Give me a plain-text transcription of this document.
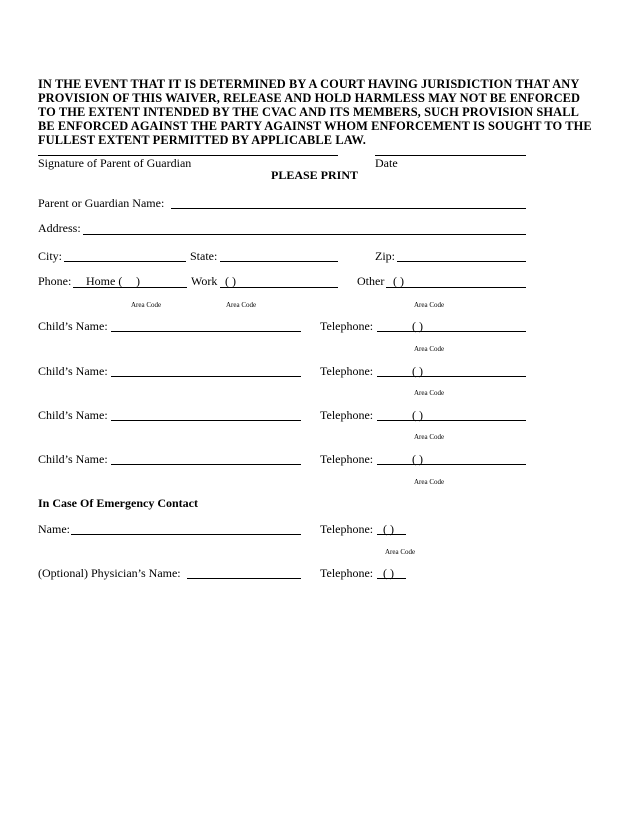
IN THE EVENT THAT IT IS DETERMINED BY A COURT HAVING JURISDICTION THAT ANY PROVISION OF THIS WAIVER, RELEASE AND HOLD HARMLESS MAY NOT BE ENFORCED TO THE EXTENT INTENDED BY THE CVAC AND ITS MEMBERS, SUCH PROVISION SHALL BE ENFORCED AGAINST THE PARTY AGAINST WHOM ENFORCEMENT IS SOUGHT TO THE FULLEST EXTENT PERMITTED BY APPLICABLE LAW.
Signature of Parent of Guardian	Date
PLEASE PRINT
Parent or Guardian Name:
Address:
City:	State:	Zip:
Phone: Home ( )	Work ( )	Other ( )
Area Code	Area Code	Area Code
Child’s Name:	Telephone:	( )
Area Code
Child’s Name:	Telephone:	( )
Area Code
Child’s Name:	Telephone:	( )
Area Code
Child’s Name:	Telephone:	( )
Area Code
In Case Of Emergency Contact
Name:	Telephone: ( )
Area Code
(Optional) Physician’s Name:	Telephone: ( )
